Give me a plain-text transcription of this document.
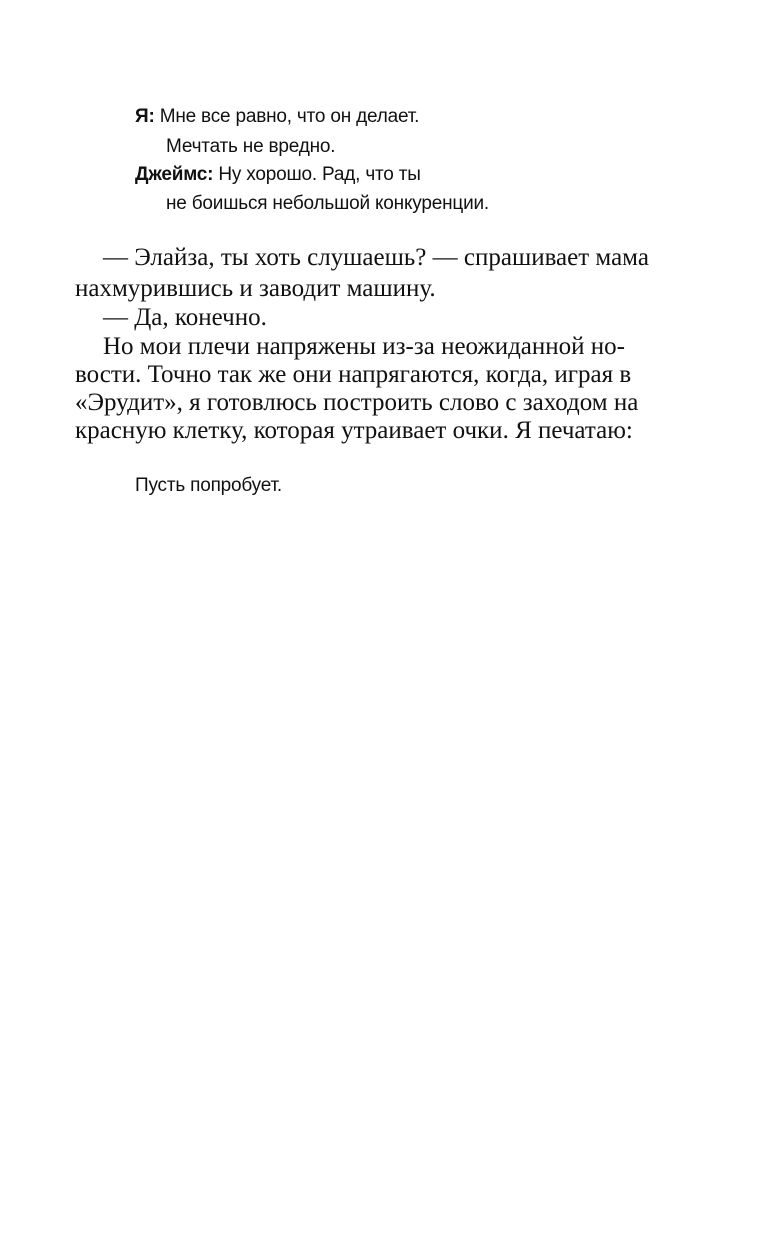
Я: Мне все равно, что он делает.
Мечтать не вредно.
Джеймс: Ну хорошо. Рад, что ты
не боишься небольшой конкуренции.
— Элайза, ты хоть слушаешь? — спрашивает мама
нахмурившись и заводит машину.
— Да, конечно.
Но мои плечи напряжены из-за неожиданной но-
вости. Точно так же они напрягаются, когда, играя в
«Эрудит», я готовлюсь построить слово с заходом на
красную клетку, которая утраивает очки. Я печатаю:
Пусть попробует.
